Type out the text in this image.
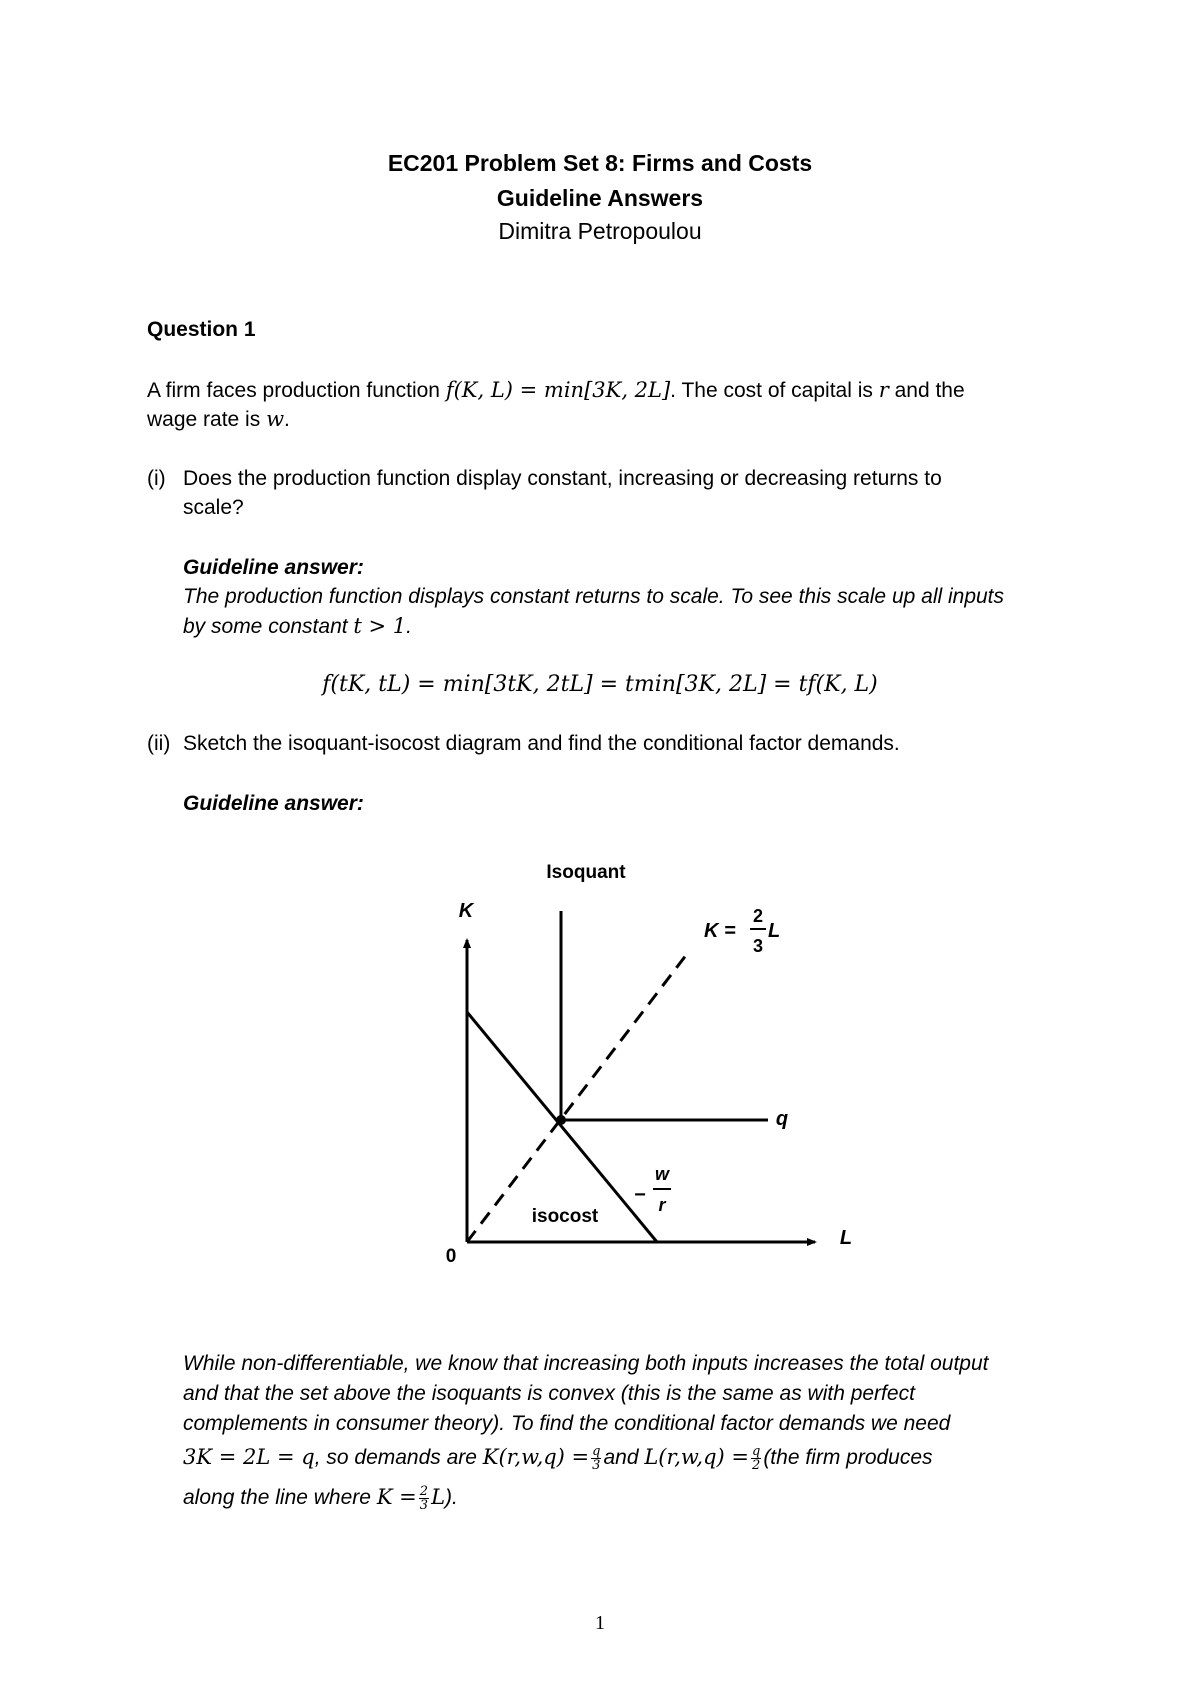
EC201 Problem Set 8: Firms and Costs
Guideline Answers
Dimitra Petropoulou
Question 1
A firm faces production function f(K, L) = min[3K, 2L]. The cost of capital is r and the
wage rate is w.
(i) Does the production function display constant, increasing or decreasing returns to
scale?
Guideline answer:
The production function displays constant returns to scale. To see this scale up all inputs
by some constant t > 1.
f(tK, tL) = min[3tK, 2tL] = tmin[3K, 2L] = tf(K, L)
(ii) Sketch the isoquant-isocost diagram and find the conditional factor demands.
Guideline answer:
Isoquant
K
L
0
K =
2
3
L
q
−
w
r
isocost
While non-differentiable, we know that increasing both inputs increases the total output
and that the set above the isoquants is convex (this is the same as with perfect
complements in consumer theory). To find the conditional factor demands we need
3K = 2L = q, so demands are $K(r,w,q) = \frac{q}{3}$ and $L(r,w,q) = \frac{q}{2} (the$ firm produces
along the line where $K = \frac{2}{3} L$).
1
